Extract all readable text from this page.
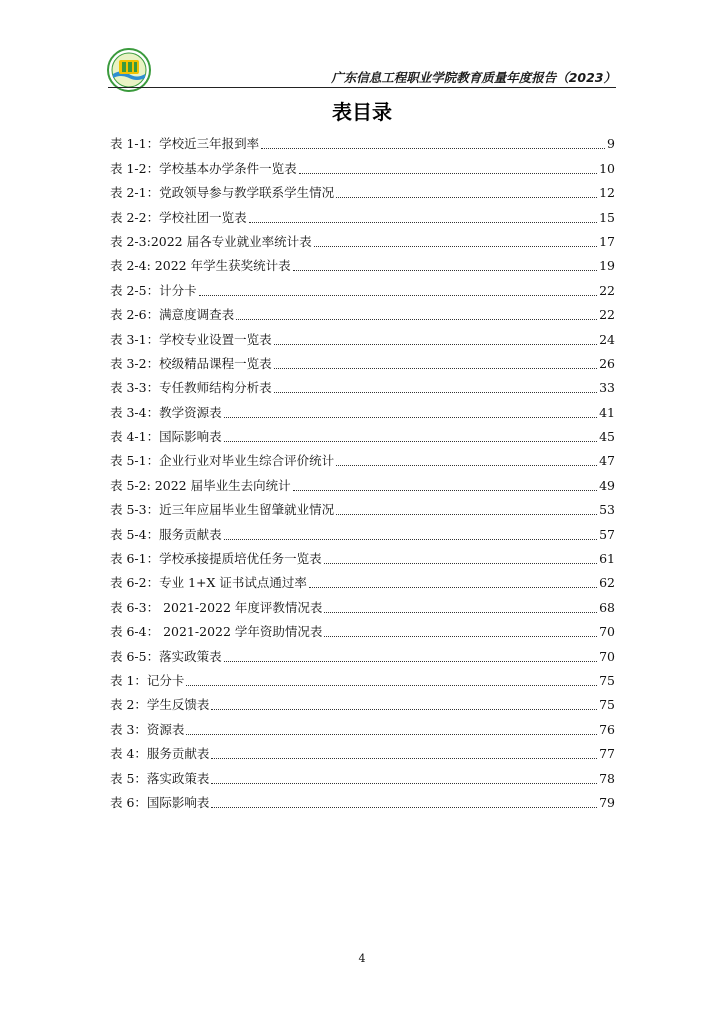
广东信息工程职业学院教育质量年度报告（2023）
表目录
表 1-1：学校近三年报到率	9
表 1-2：学校基本办学条件一览表	10
表 2-1：党政领导参与教学联系学生情况	12
表 2-2：学校社团一览表	15
表 2-3:2022 届各专业就业率统计表	17
表 2-4: 2022 年学生获奖统计表	19
表 2-5：计分卡	22
表 2-6：满意度调查表	22
表 3-1：学校专业设置一览表	24
表 3-2：校级精品课程一览表	26
表 3-3：专任教师结构分析表	33
表 3-4：教学资源表	41
表 4-1：国际影响表	45
表 5-1：企业行业对毕业生综合评价统计	47
表 5-2: 2022 届毕业生去向统计	49
表 5-3：近三年应届毕业生留肇就业情况	53
表 5-4：服务贡献表	57
表 6-1：学校承接提质培优任务一览表	61
表 6-2：专业 1+X 证书试点通过率	62
表 6-3： 2021-2022 年度评教情况表	68
表 6-4： 2021-2022 学年资助情况表	70
表 6-5：落实政策表	70
表 1：记分卡	75
表 2：学生反馈表	75
表 3：资源表	76
表 4：服务贡献表	77
表 5：落实政策表	78
表 6：国际影响表	79
4
